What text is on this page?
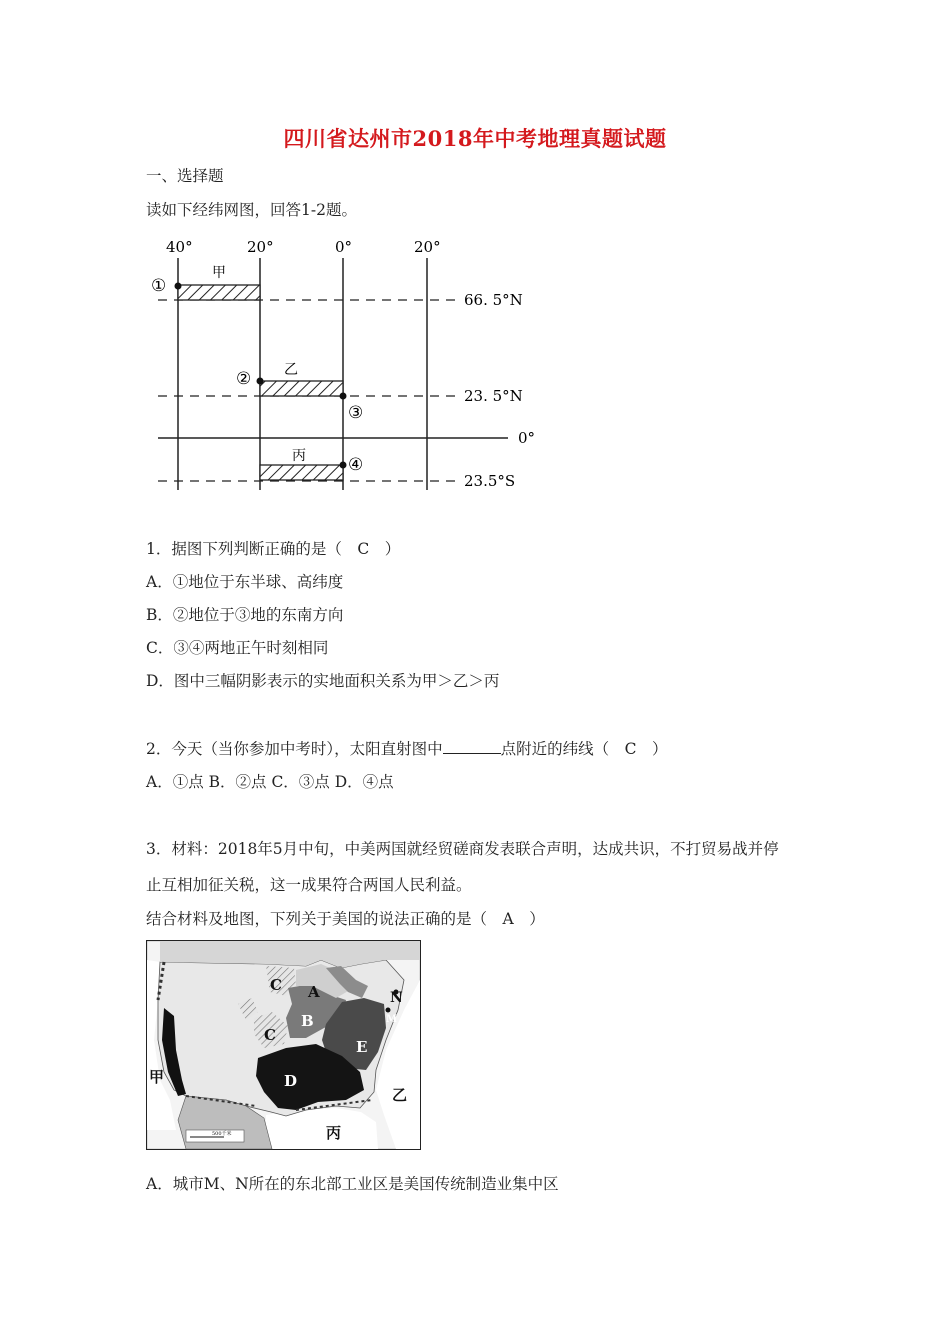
四川省达州市2018年中考地理真题试题
一、选择题
读如下经纬网图，回答1-2题。
40°	20°	0°	20°
66. 5°N
23. 5°N
0°
23.5°S
甲
乙
丙
①
②
③
④
1．据图下列判断正确的是（　C　）
A．①地位于东半球、高纬度
B．②地位于③地的东南方向
C．③④两地正午时刻相同
D．图中三幅阴影表示的实地面积关系为甲＞乙＞丙
2．今天（当你参加中考时），太阳直射图中	点附近的纬线（　C　）
A．①点 B．②点 C．③点 D．④点
3．材料：2018年5月中旬，中美两国就经贸磋商发表联合声明，达成共识，不打贸易战并停
止互相加征关税，这一成果符合两国人民利益。
结合材料及地图，下列关于美国的说法正确的是（　A　）
C A	N
B	M
C
E
甲	D
乙
丙
500千米
A．城市M、N所在的东北部工业区是美国传统制造业集中区
